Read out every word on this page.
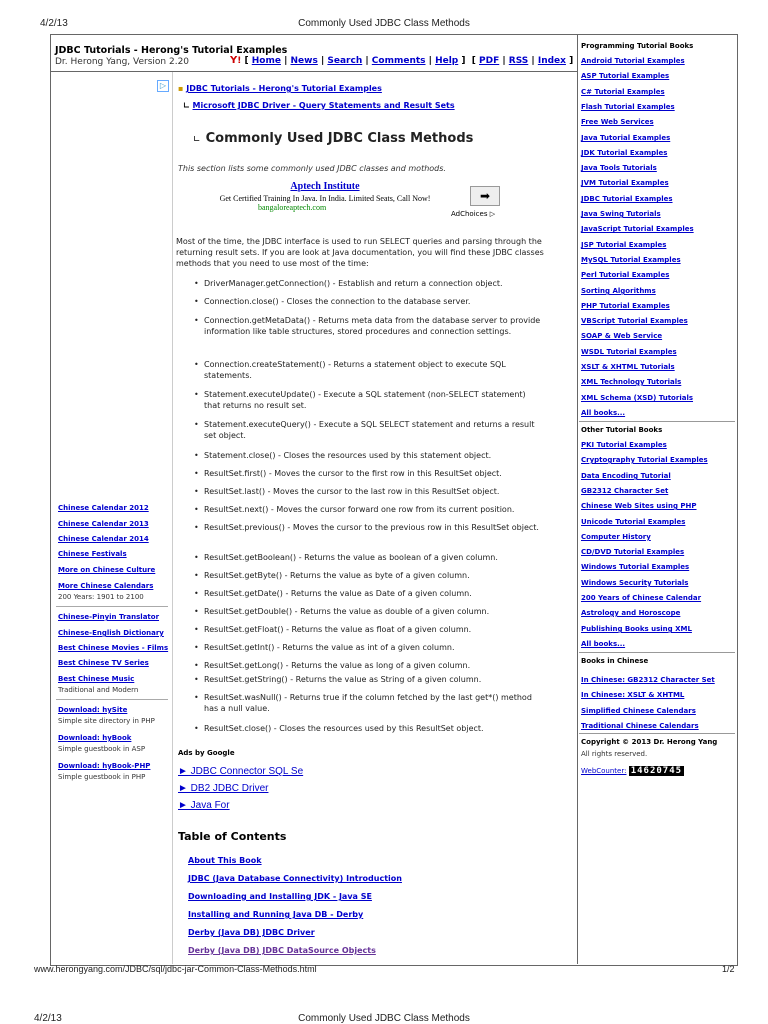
4/2/13	Commonly Used JDBC Class Methods
JDBC Tutorials - Herong's Tutorial Examples
Dr. Herong Yang, Version 2.20	Y! [ Home | News | Search | Comments | Help ]  [ PDF | RSS | Index ]
▷	▪ JDBC Tutorials - Herong's Tutorial Examples
∟ Microsoft JDBC Driver - Query Statements and Result Sets
∟ Commonly Used JDBC Class Methods
This section lists some commonly used JDBC classes and mothods.
Aptech Institute
Get Certified Training In Java. In India. Limited Seats, Call Now!
bangaloreaptech.com
➡
AdChoices ▷
Most of the time, the JDBC interface is used to run SELECT queries and parsing through the returning result sets. If you are look at Java documentation, you will find these JDBC classes methods that you need to use most of the time:
• DriverManager.getConnection() - Establish and return a connection object.
• Connection.close() - Closes the connection to the database server.
• Connection.getMetaData() - Returns meta data from the database server to provide information like table structures, stored procedures and connection settings.
• Connection.createStatement() - Returns a statement object to execute SQL statements.
• Statement.executeUpdate() - Execute a SQL statement (non-SELECT statement) that returns no result set.
• Statement.executeQuery() - Execute a SQL SELECT statement and returns a result set object.
• Statement.close() - Closes the resources used by this statement object.
• ResultSet.first() - Moves the cursor to the first row in this ResultSet object.
• ResultSet.last() - Moves the cursor to the last row in this ResultSet object.
• ResultSet.next() - Moves the cursor forward one row from its current position.
• ResultSet.previous() - Moves the cursor to the previous row in this ResultSet object.
• ResultSet.getBoolean() - Returns the value as boolean of a given column.
• ResultSet.getByte() - Returns the value as byte of a given column.
• ResultSet.getDate() - Returns the value as Date of a given column.
• ResultSet.getDouble() - Returns the value as double of a given column.
• ResultSet.getFloat() - Returns the value as float of a given column.
• ResultSet.getInt() - Returns the value as int of a given column.
• ResultSet.getLong() - Returns the value as long of a given column.
• ResultSet.getString() - Returns the value as String of a given column.
• ResultSet.wasNull() - Returns true if the column fetched by the last get*() method has a null value.
• ResultSet.close() - Closes the resources used by this ResultSet object.
Ads by Google
► JDBC Connector SQL Se
► DB2 JDBC Driver
► Java For
Table of Contents
About This Book
JDBC (Java Database Connectivity) Introduction
Downloading and Installing JDK - Java SE
Installing and Running Java DB - Derby
Derby (Java DB) JDBC Driver
Derby (Java DB) JDBC DataSource Objects
Chinese Calendar 2012
Chinese Calendar 2013
Chinese Calendar 2014
Chinese Festivals
More on Chinese Culture
More Chinese Calendars
200 Years: 1901 to 2100
Chinese-Pinyin Translator
Chinese-English Dictionary
Best Chinese Movies - Films
Best Chinese TV Series
Best Chinese Music
Traditional and Modern
Download: hySite
Simple site directory in PHP
Download: hyBook
Simple guestbook in ASP
Download: hyBook-PHP
Simple guestbook in PHP
Programming Tutorial Books
Android Tutorial Examples
ASP Tutorial Examples
C# Tutorial Examples
Flash Tutorial Examples
Free Web Services
Java Tutorial Examples
JDK Tutorial Examples
Java Tools Tutorials
JVM Tutorial Examples
JDBC Tutorial Examples
Java Swing Tutorials
JavaScript Tutorial Examples
JSP Tutorial Examples
MySQL Tutorial Examples
Perl Tutorial Examples
Sorting Algorithms
PHP Tutorial Examples
VBScript Tutorial Examples
SOAP & Web Service
WSDL Tutorial Examples
XSLT & XHTML Tutorials
XML Technology Tutorials
XML Schema (XSD) Tutorials
All books...
Other Tutorial Books
PKI Tutorial Examples
Cryptography Tutorial Examples
Data Encoding Tutorial
GB2312 Character Set
Chinese Web Sites using PHP
Unicode Tutorial Examples
Computer History
CD/DVD Tutorial Examples
Windows Tutorial Examples
Windows Security Tutorials
200 Years of Chinese Calendar
Astrology and Horoscope
Publishing Books using XML
All books...
Books in Chinese
In Chinese: GB2312 Character Set
In Chinese: XSLT & XHTML
Simplified Chinese Calendars
Traditional Chinese Calendars
Copyright © 2013 Dr. Herong Yang
All rights reserved.
WebCounter: 14620745
www.herongyang.com/JDBC/sql/jdbc-jar-Common-Class-Methods.html	1/2
4/2/13	Commonly Used JDBC Class Methods
